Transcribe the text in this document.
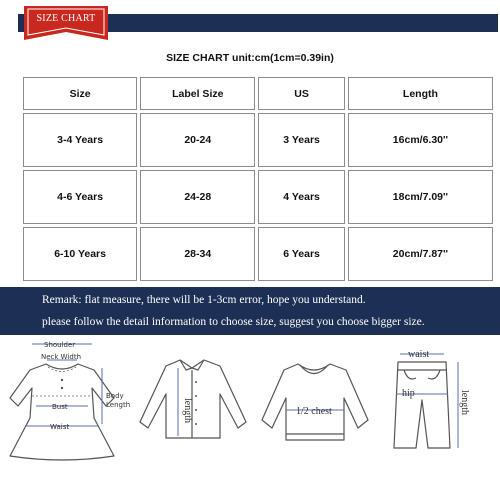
SIZE CHART
SIZE CHART unit:cm(1cm=0.39in)
Size	Label Size	US	Length
3-4 Years	20-24	3 Years	16cm/6.30''
4-6 Years	24-28	4 Years	18cm/7.09''
6-10 Years	28-34	6 Years	20cm/7.87''
Remark: flat measure, there will be 1-3cm error, hope you understand.
please follow the detail information to choose size, suggest you choose bigger size.
Shoulder
Neck Width
Bust
Waist
Body
Length	length	1/2 chest
waist
hip	length
